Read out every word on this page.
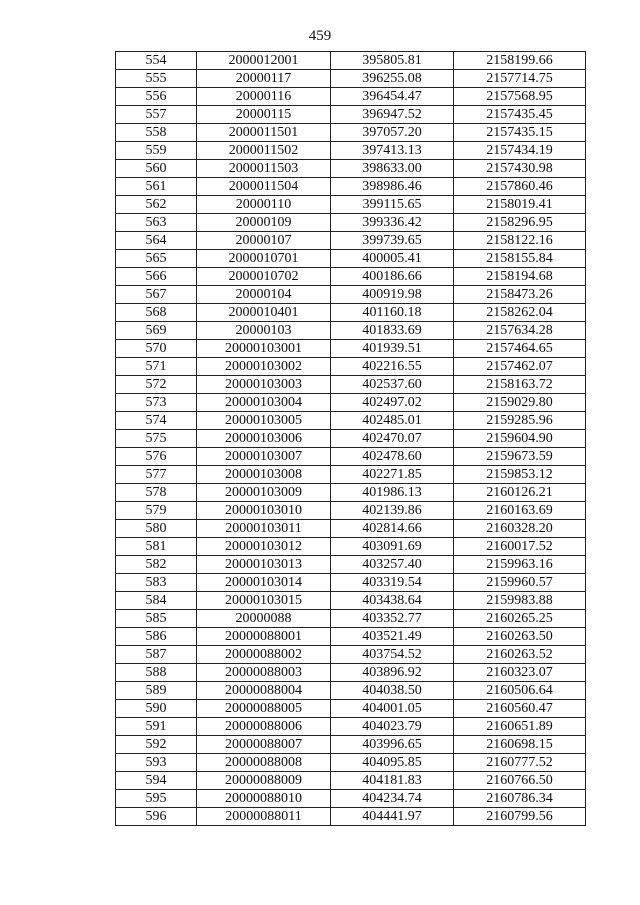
459
554	2000012001	395805.81	2158199.66
555	20000117	396255.08	2157714.75
556	20000116	396454.47	2157568.95
557	20000115	396947.52	2157435.45
558	2000011501	397057.20	2157435.15
559	2000011502	397413.13	2157434.19
560	2000011503	398633.00	2157430.98
561	2000011504	398986.46	2157860.46
562	20000110	399115.65	2158019.41
563	20000109	399336.42	2158296.95
564	20000107	399739.65	2158122.16
565	2000010701	400005.41	2158155.84
566	2000010702	400186.66	2158194.68
567	20000104	400919.98	2158473.26
568	2000010401	401160.18	2158262.04
569	20000103	401833.69	2157634.28
570	20000103001	401939.51	2157464.65
571	20000103002	402216.55	2157462.07
572	20000103003	402537.60	2158163.72
573	20000103004	402497.02	2159029.80
574	20000103005	402485.01	2159285.96
575	20000103006	402470.07	2159604.90
576	20000103007	402478.60	2159673.59
577	20000103008	402271.85	2159853.12
578	20000103009	401986.13	2160126.21
579	20000103010	402139.86	2160163.69
580	20000103011	402814.66	2160328.20
581	20000103012	403091.69	2160017.52
582	20000103013	403257.40	2159963.16
583	20000103014	403319.54	2159960.57
584	20000103015	403438.64	2159983.88
585	20000088	403352.77	2160265.25
586	20000088001	403521.49	2160263.50
587	20000088002	403754.52	2160263.52
588	20000088003	403896.92	2160323.07
589	20000088004	404038.50	2160506.64
590	20000088005	404001.05	2160560.47
591	20000088006	404023.79	2160651.89
592	20000088007	403996.65	2160698.15
593	20000088008	404095.85	2160777.52
594	20000088009	404181.83	2160766.50
595	20000088010	404234.74	2160786.34
596	20000088011	404441.97	2160799.56
